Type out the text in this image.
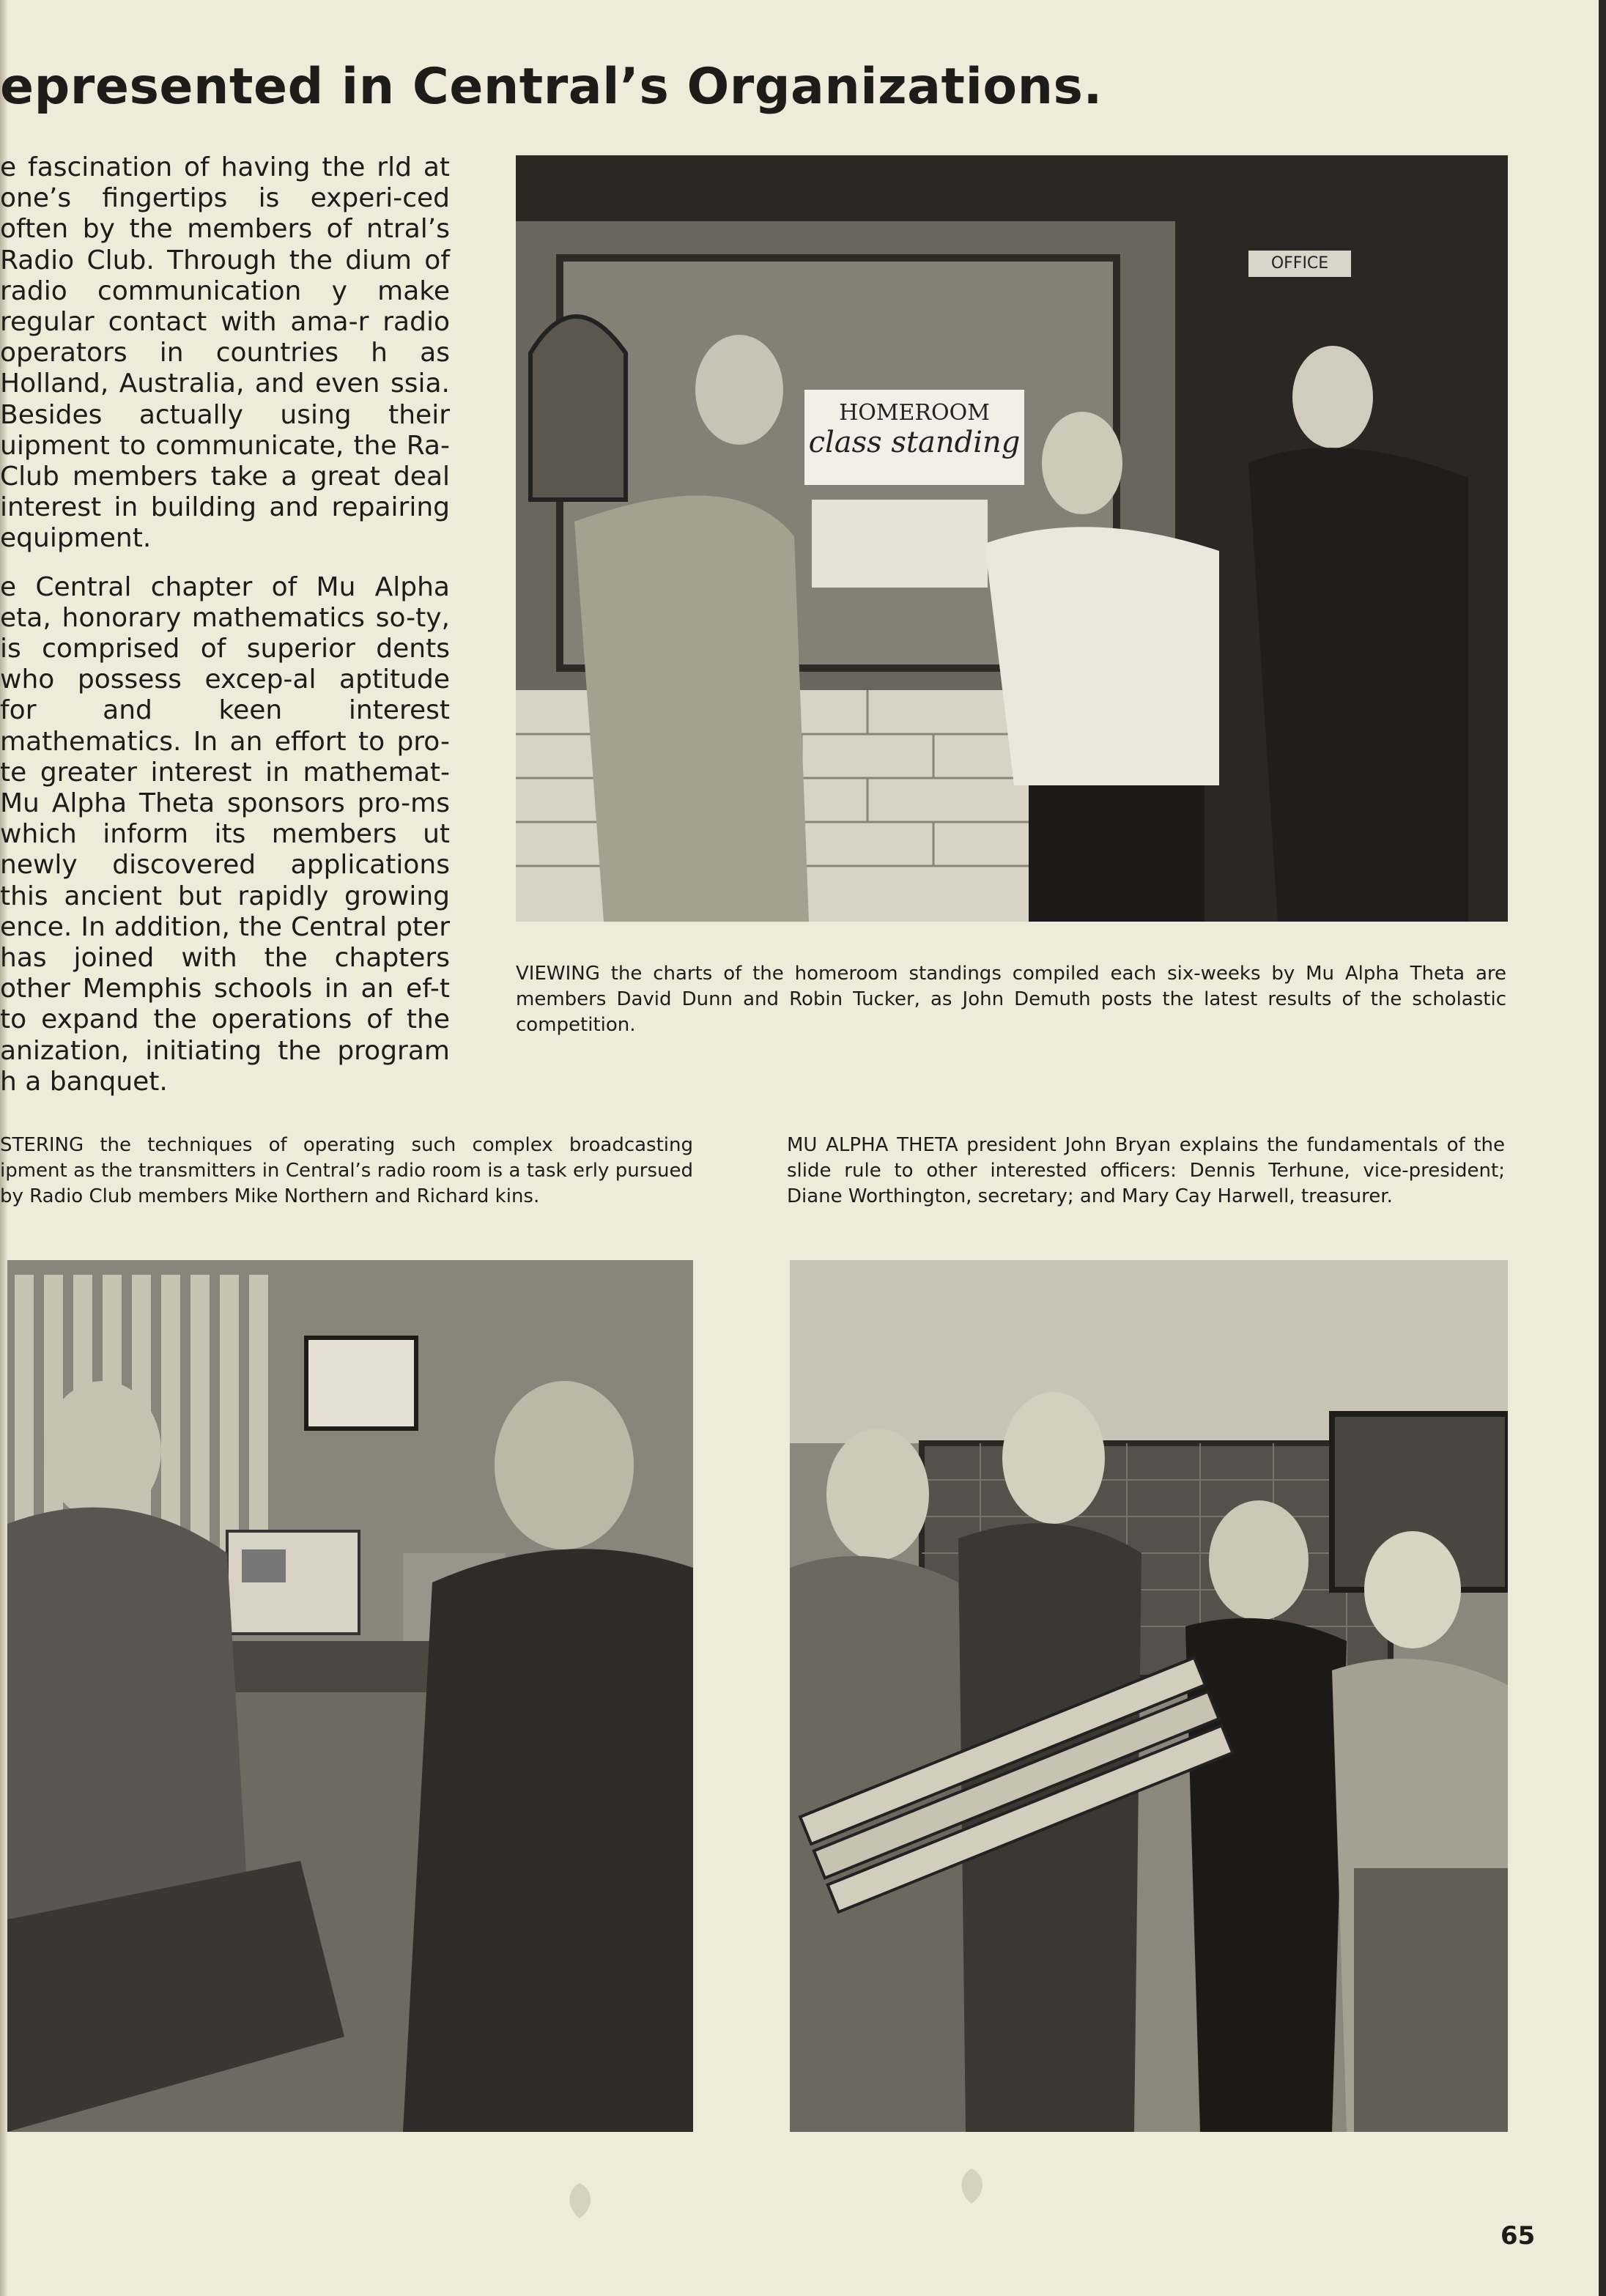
epresented in Central’s Organizations.

e fascination of having the rld at one’s fingertips is experi-ced often by the members of ntral’s Radio Club. Through the dium of radio communication y make regular contact with ama-r radio operators in countries h as Holland, Australia, and even ssia. Besides actually using their uipment to communicate, the Ra- Club members take a great deal interest in building and repairing equipment.

e Central chapter of Mu Alpha eta, honorary mathematics so-ty, is comprised of superior dents who possess excep-al aptitude for and keen interest mathematics. In an effort to pro-te greater interest in mathemat- Mu Alpha Theta sponsors pro-ms which inform its members ut newly discovered applications this ancient but rapidly growing ence. In addition, the Central pter has joined with the chapters other Memphis schools in an ef-t to expand the operations of the anization, initiating the program h a banquet.

HOMEROOM
class standing
OFFICE
VIEWING the charts of the homeroom standings compiled each six-weeks by Mu Alpha Theta are members David Dunn and Robin Tucker, as John Demuth posts the latest results of the scholastic competition.
STERING the techniques of operating such complex broadcasting ipment as the transmitters in Central’s radio room is a task erly pursued by Radio Club members Mike Northern and Richard kins.
MU ALPHA THETA president John Bryan explains the fundamentals of the slide rule to other interested officers: Dennis Terhune, vice-president; Diane Worthington, secretary; and Mary Cay Harwell, treasurer.
65
